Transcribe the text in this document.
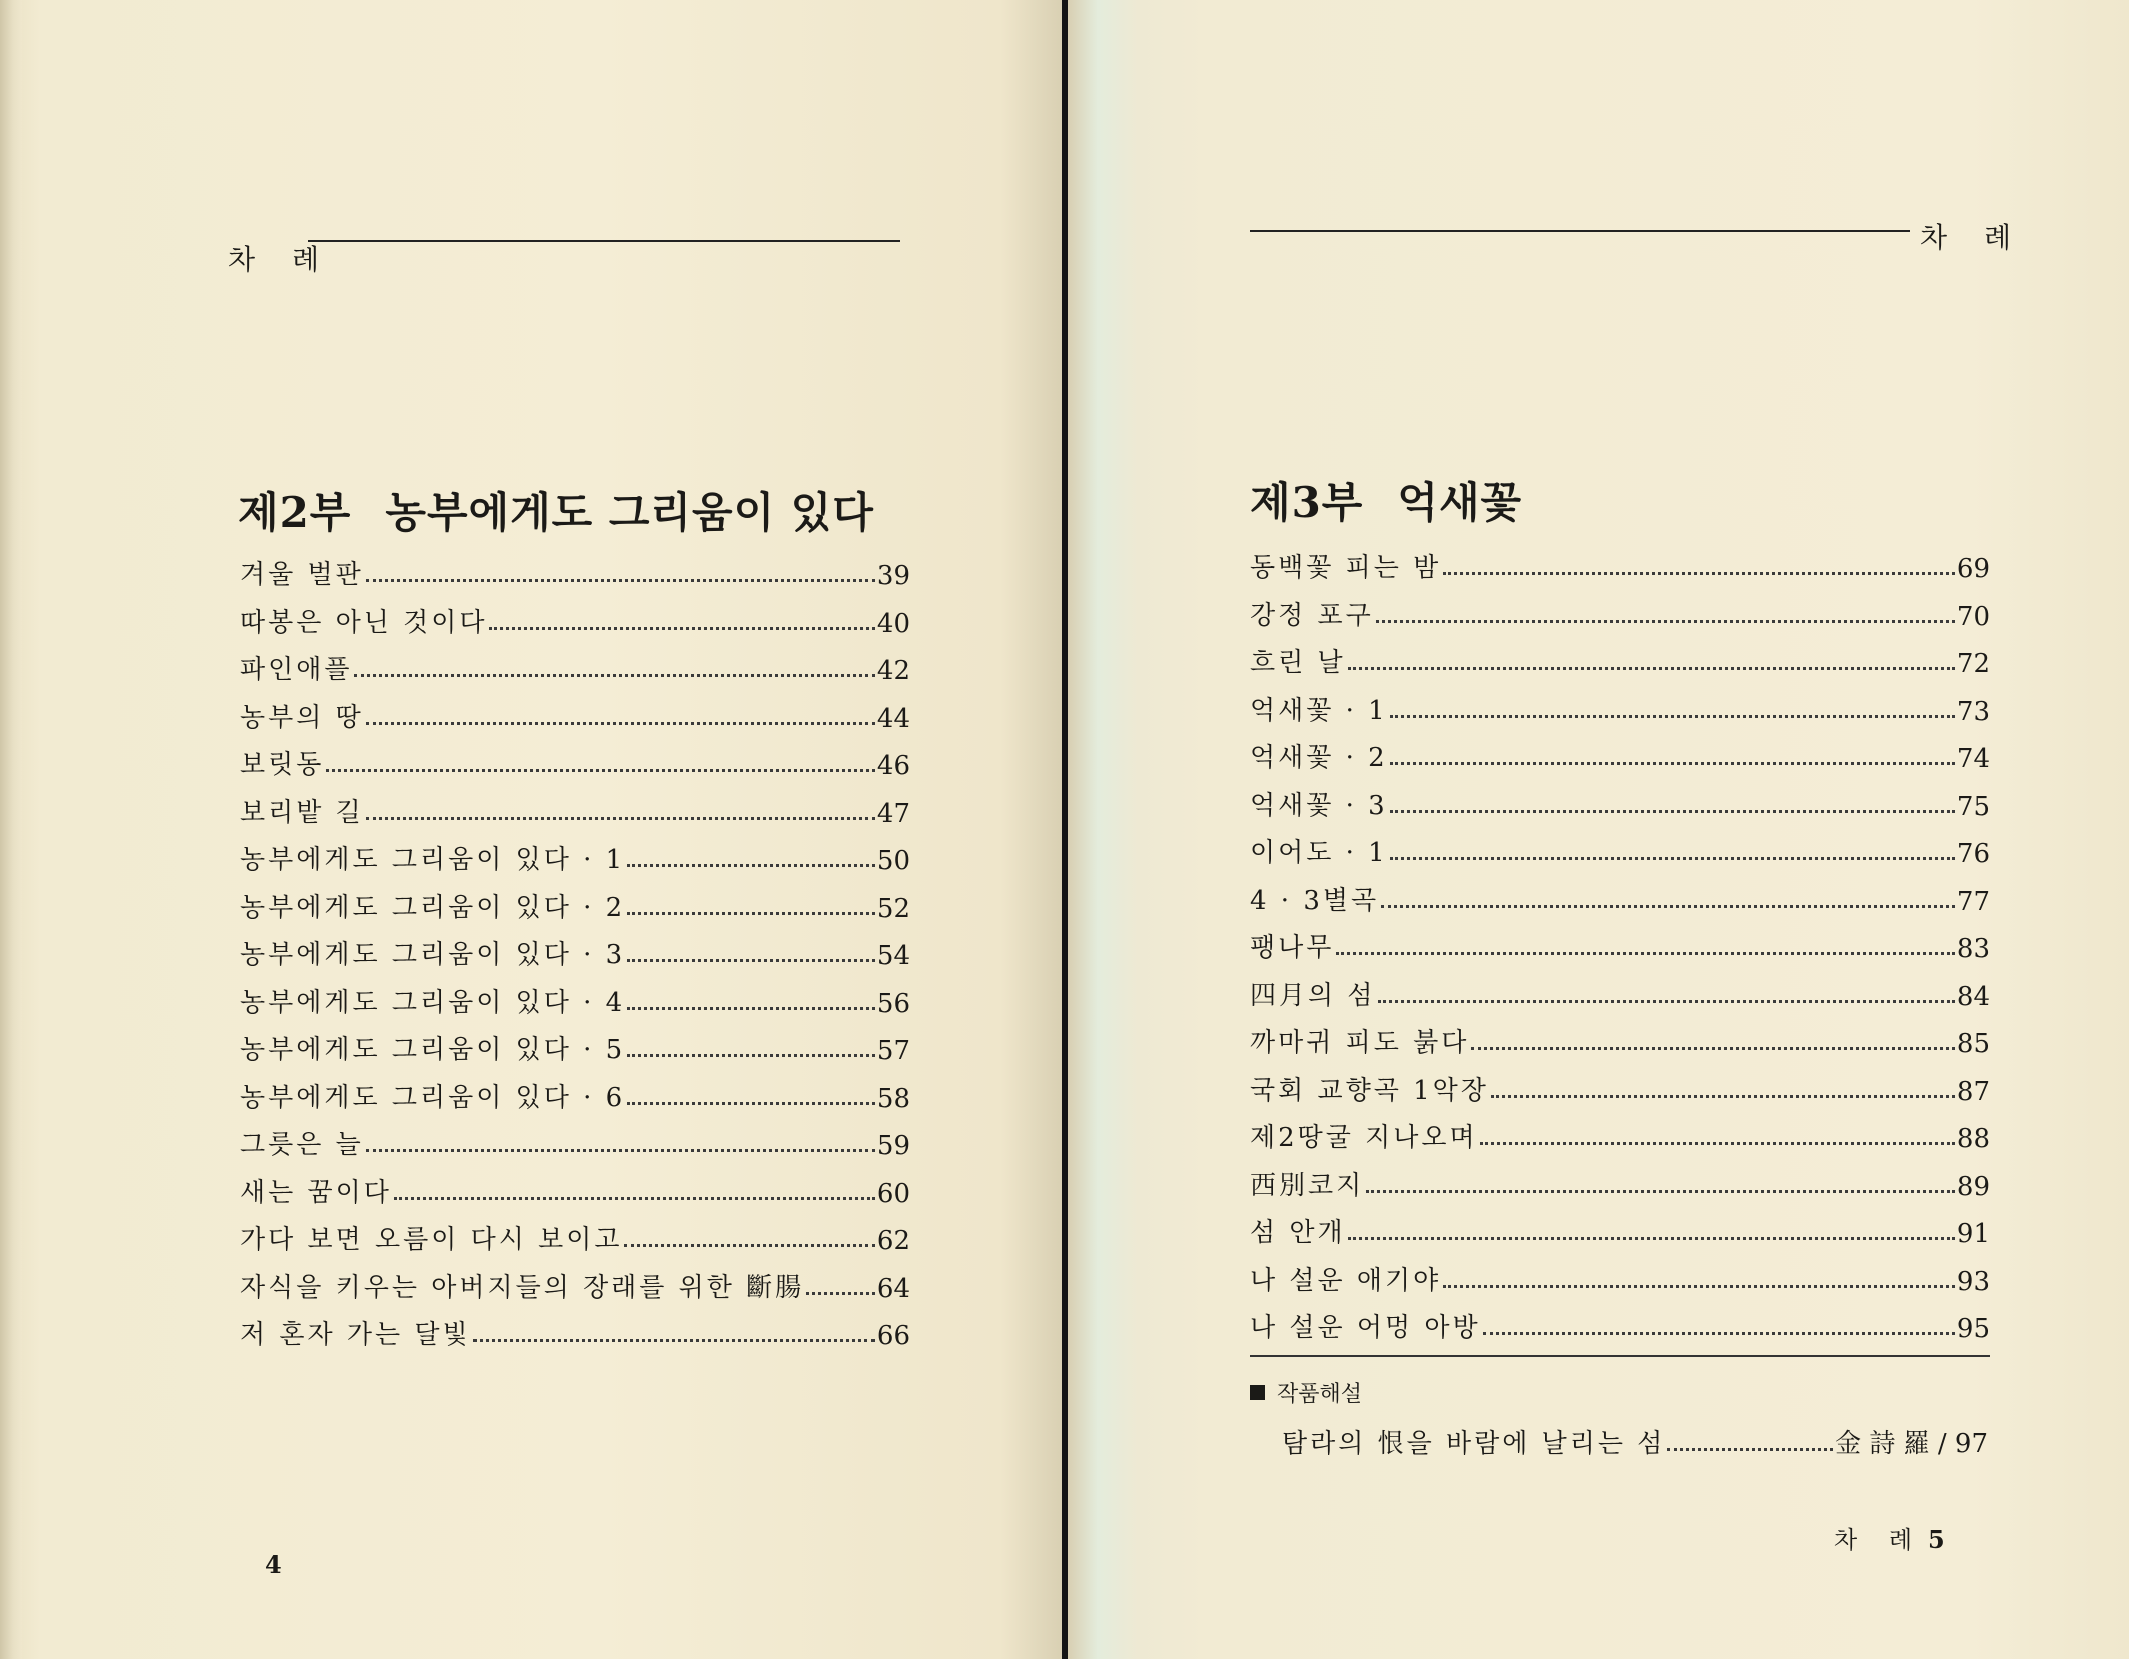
차 례
제2부 농부에게도 그리움이 있다
겨울 벌판	39
따봉은 아닌 것이다	40
파인애플	42
농부의 땅	44
보릿동	46
보리밭 길	47
농부에게도 그리움이 있다 · 1	50
농부에게도 그리움이 있다 · 2	52
농부에게도 그리움이 있다 · 3	54
농부에게도 그리움이 있다 · 4	56
농부에게도 그리움이 있다 · 5	57
농부에게도 그리움이 있다 · 6	58
그릇은 늘	59
새는 꿈이다	60
가다 보면 오름이 다시 보이고	62
자식을 키우는 아버지들의 장래를 위한 斷腸	64
저 혼자 가는 달빛	66
4
차 례
제3부 억새꽃
동백꽃 피는 밤	69
강정 포구	70
흐린 날	72
억새꽃 · 1	73
억새꽃 · 2	74
억새꽃 · 3	75
이어도 · 1	76
4 · 3별곡	77
팽나무	83
四月의 섬	84
까마귀 피도 붉다	85
국회 교향곡 1악장	87
제2땅굴 지나오며	88
西別코지	89
섬 안개	91
나 설운 애기야	93
나 설운 어멍 아방	95
작품해설
탐라의 恨을 바람에 날리는 섬	金 詩 羅 / 97
차 례 5
